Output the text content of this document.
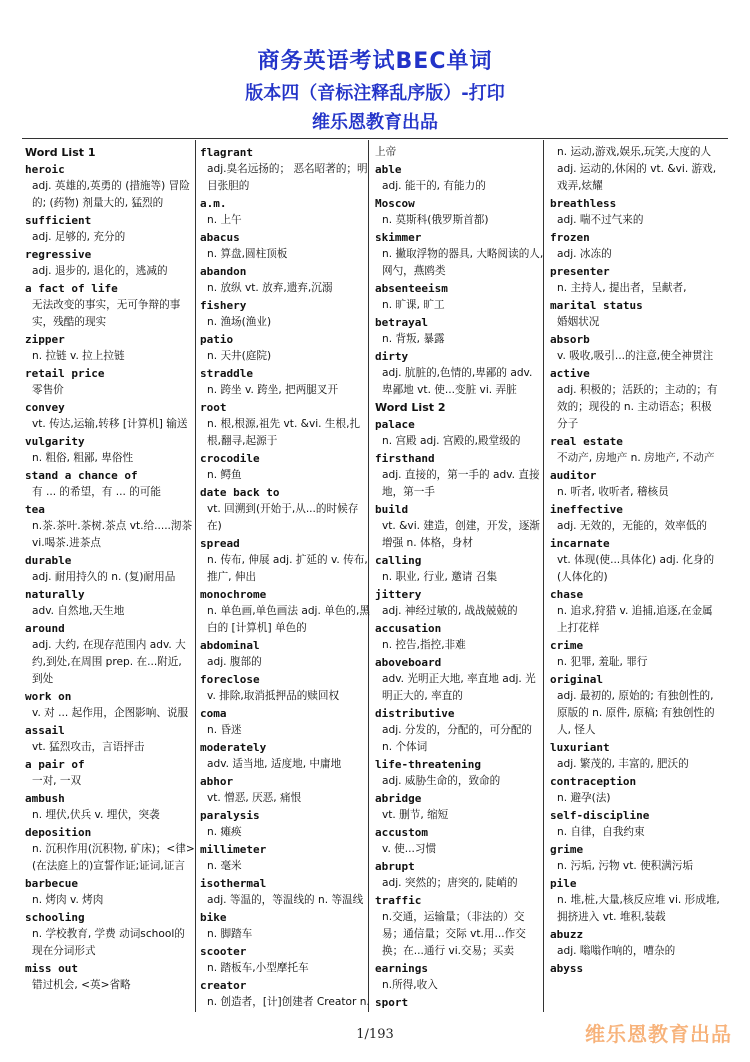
商务英语考试BEC单词
版本四（音标注释乱序版）-打印
维乐恩教育出品
Word List 1
heroic
adj. 英雄的,英勇的 (措施等) 冒险的; (药物) 剂量大的, 猛烈的
sufficient
adj. 足够的, 充分的
regressive
adj. 退步的, 退化的，逃减的
a fact of life
无法改变的事实，无可争辩的事实，残酷的现实
zipper
n. 拉链 v. 拉上拉链
retail price
零售价
convey
vt. 传达,运输,转移 [计算机] 输送
vulgarity
n. 粗俗, 粗鄙, 卑俗性
stand a chance of
有 ... 的希望，有 ... 的可能
tea
n.茶.茶叶.茶树.茶点 vt.给.....沏茶 vi.喝茶.进茶点
durable
adj. 耐用持久的 n. (复)耐用品
naturally
adv. 自然地,天生地
around
adj. 大约, 在现存范围内 adv. 大约,到处,在周围 prep. 在...附近, 到处
work on
v. 对 ... 起作用，企图影响、说服
assail
vt. 猛烈攻击，言语抨击
a pair of
一对, 一双
ambush
n. 埋伏,伏兵 v. 埋伏，突袭
deposition
n. 沉积作用(沉积物, 矿床)；<律>(在法庭上的)宣誓作证;证词,证言
barbecue
n. 烤肉 v. 烤肉
schooling
n. 学校教育, 学费 动词school的现在分词形式
miss out
错过机会, <英>省略
flagrant
adj.臭名远扬的； 恶名昭著的；明目张胆的
a.m.
n. 上午
abacus
n. 算盘,圆柱顶板
abandon
n. 放纵 vt. 放弃,遗弃,沉溺
fishery
n. 渔场(渔业)
patio
n. 天井(庭院)
straddle
n. 跨坐 v. 跨坐, 把两腿叉开
root
n. 根,根源,祖先 vt. &vi. 生根,扎根,翻寻,起源于
crocodile
n. 鳄鱼
date back to
vt. 回溯到(开始于,从...的时候存在)
spread
n. 传布, 伸展 adj. 扩延的 v. 传布,推广, 伸出
monochrome
n. 单色画,单色画法 adj. 单色的,黑白的 [计算机] 单色的
abdominal
adj. 腹部的
foreclose
v. 排除,取消抵押品的赎回权
coma
n. 昏迷
moderately
adv. 适当地, 适度地, 中庸地
abhor
vt. 憎恶, 厌恶, 痛恨
paralysis
n. 瘫痪
millimeter
n. 毫米
isothermal
adj. 等温的，等温线的 n. 等温线
bike
n. 脚踏车
scooter
n. 踏板车,小型摩托车
creator
n. 创造者，[计]创建者 Creator n.
上帝
able
adj. 能干的, 有能力的
Moscow
n. 莫斯科(俄罗斯首都)
skimmer
n. 撇取浮物的器具, 大略阅读的人, 网勺，燕鸥类
absenteeism
n. 旷课, 旷工
betrayal
n. 背叛, 暴露
dirty
adj. 肮脏的,色情的,卑鄙的 adv. 卑鄙地 vt. 使...变脏 vi. 弄脏
Word List 2
palace
n. 宫殿 adj. 宫殿的,殿堂级的
firsthand
adj. 直接的，第一手的 adv. 直接地，第一手
build
vt. &vi. 建造，创建，开发，逐渐增强 n. 体格，身材
calling
n. 职业, 行业, 邀请 召集
jittery
adj. 神经过敏的, 战战兢兢的
accusation
n. 控告,指控,非难
aboveboard
adv. 光明正大地, 率直地 adj. 光明正大的, 率直的
distributive
adj. 分发的，分配的，可分配的 n. 个体词
life-threatening
adj. 威胁生命的，致命的
abridge
vt. 删节, 缩短
accustom
v. 使...习惯
abrupt
adj. 突然的；唐突的, 陡峭的
traffic
n.交通，运输量；（非法的）交易；通信量；交际 vt.用...作交换；在...通行 vi.交易；买卖
earnings
n.所得,收入
sport
n. 运动,游戏,娱乐,玩笑,大度的人 adj. 运动的,休闲的 vt. &vi. 游戏,戏弄,炫耀
breathless
adj. 喘不过气来的
frozen
adj. 冰冻的
presenter
n. 主持人, 提出者，呈献者,
marital status
婚姻状况
absorb
v. 吸收,吸引...的注意,使全神贯注
active
adj. 积极的；活跃的；主动的；有效的；现役的 n. 主动语态；积极分子
real estate
不动产, 房地产 n. 房地产, 不动产
auditor
n. 听者, 收听者, 稽核员
ineffective
adj. 无效的，无能的，效率低的
incarnate
vt. 体现(使...具体化) adj. 化身的(人体化的)
chase
n. 追求,狩猎 v. 追捕,追逐,在金属上打花样
crime
n. 犯罪, 羞耻, 罪行
original
adj. 最初的, 原始的; 有独创性的, 原版的 n. 原件, 原稿; 有独创性的人, 怪人
luxuriant
adj. 繁茂的, 丰富的, 肥沃的
contraception
n. 避孕(法)
self-discipline
n. 自律，自我约束
grime
n. 污垢, 污物 vt. 使积满污垢
pile
n. 堆,桩,大量,核反应堆 vi. 形成堆,拥挤进入 vt. 堆积,装载
abuzz
adj. 嗡嗡作响的，嘈杂的
abyss
1/193	维乐恩教育出品
